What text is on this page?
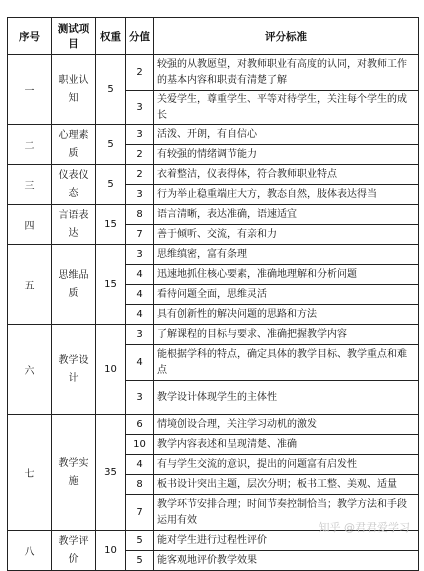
序号	测试项目	权重	分值	评分标准
一	职业认知	5	2	较强的从教愿望，对教师职业有高度的认同，对教师工作的基本内容和职责有清楚了解
			3	关爱学生，尊重学生、平等对待学生，关注每个学生的成长
二	心理素质	5	3	活泼、开朗，有自信心
			2	有较强的情绪调节能力
三	仪表仪态	5	2	衣着整洁，仪表得体，符合教师职业特点
			3	行为举止稳重端庄大方，教态自然，肢体表达得当
四	言语表达	15	8	语言清晰，表达准确，语速适宜
			7	善于倾听、交流，有亲和力
五	思维品质	15	3	思维缜密，富有条理
			4	迅速地抓住核心要素，准确地理解和分析问题
			4	看待问题全面，思维灵活
			4	具有创新性的解决问题的思路和方法
六	教学设计	10	3	了解课程的目标与要求、准确把握教学内容
			4	能根据学科的特点，确定具体的教学目标、教学重点和难点
			3	教学设计体现学生的主体性
七	教学实施	35	6	情境创设合理，关注学习动机的激发
			10	教学内容表述和呈现清楚、准确
			4	有与学生交流的意识，提出的问题富有启发性
			8	板书设计突出主题，层次分明；板书工整、美观、适量
			7	教学环节安排合理；时间节奏控制恰当；教学方法和手段运用有效
八	教学评价	10	5	能对学生进行过程性评价
			5	能客观地评价教学效果
知乎 @君君爱学习
